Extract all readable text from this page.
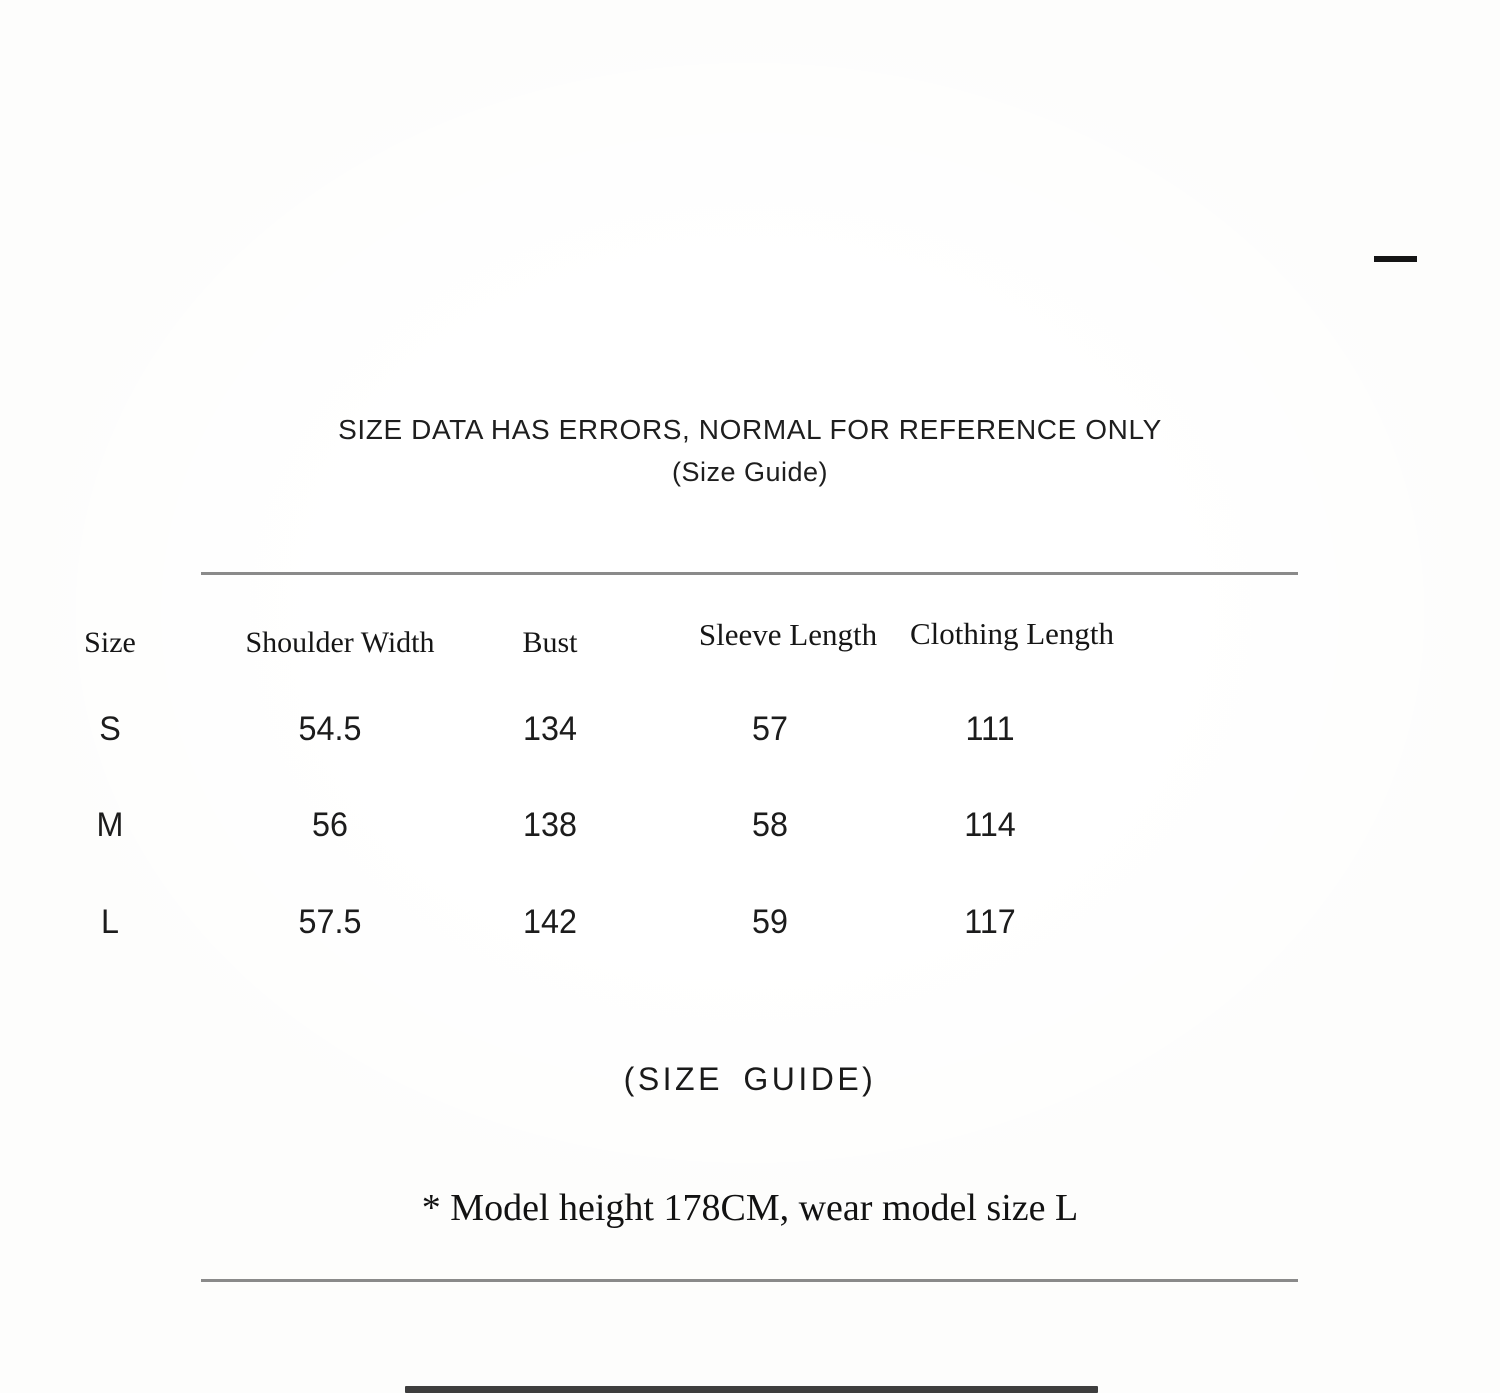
SIZE DATA HAS ERRORS, NORMAL FOR REFERENCE ONLY
(Size Guide)
Size	Shoulder Width	Bust	Sleeve Length	Clothing Length
S	54.5	134	57	111
M	56	138	58	114
L	57.5	142	59	117
(SIZE GUIDE)
* Model height 178CM, wear model size L
